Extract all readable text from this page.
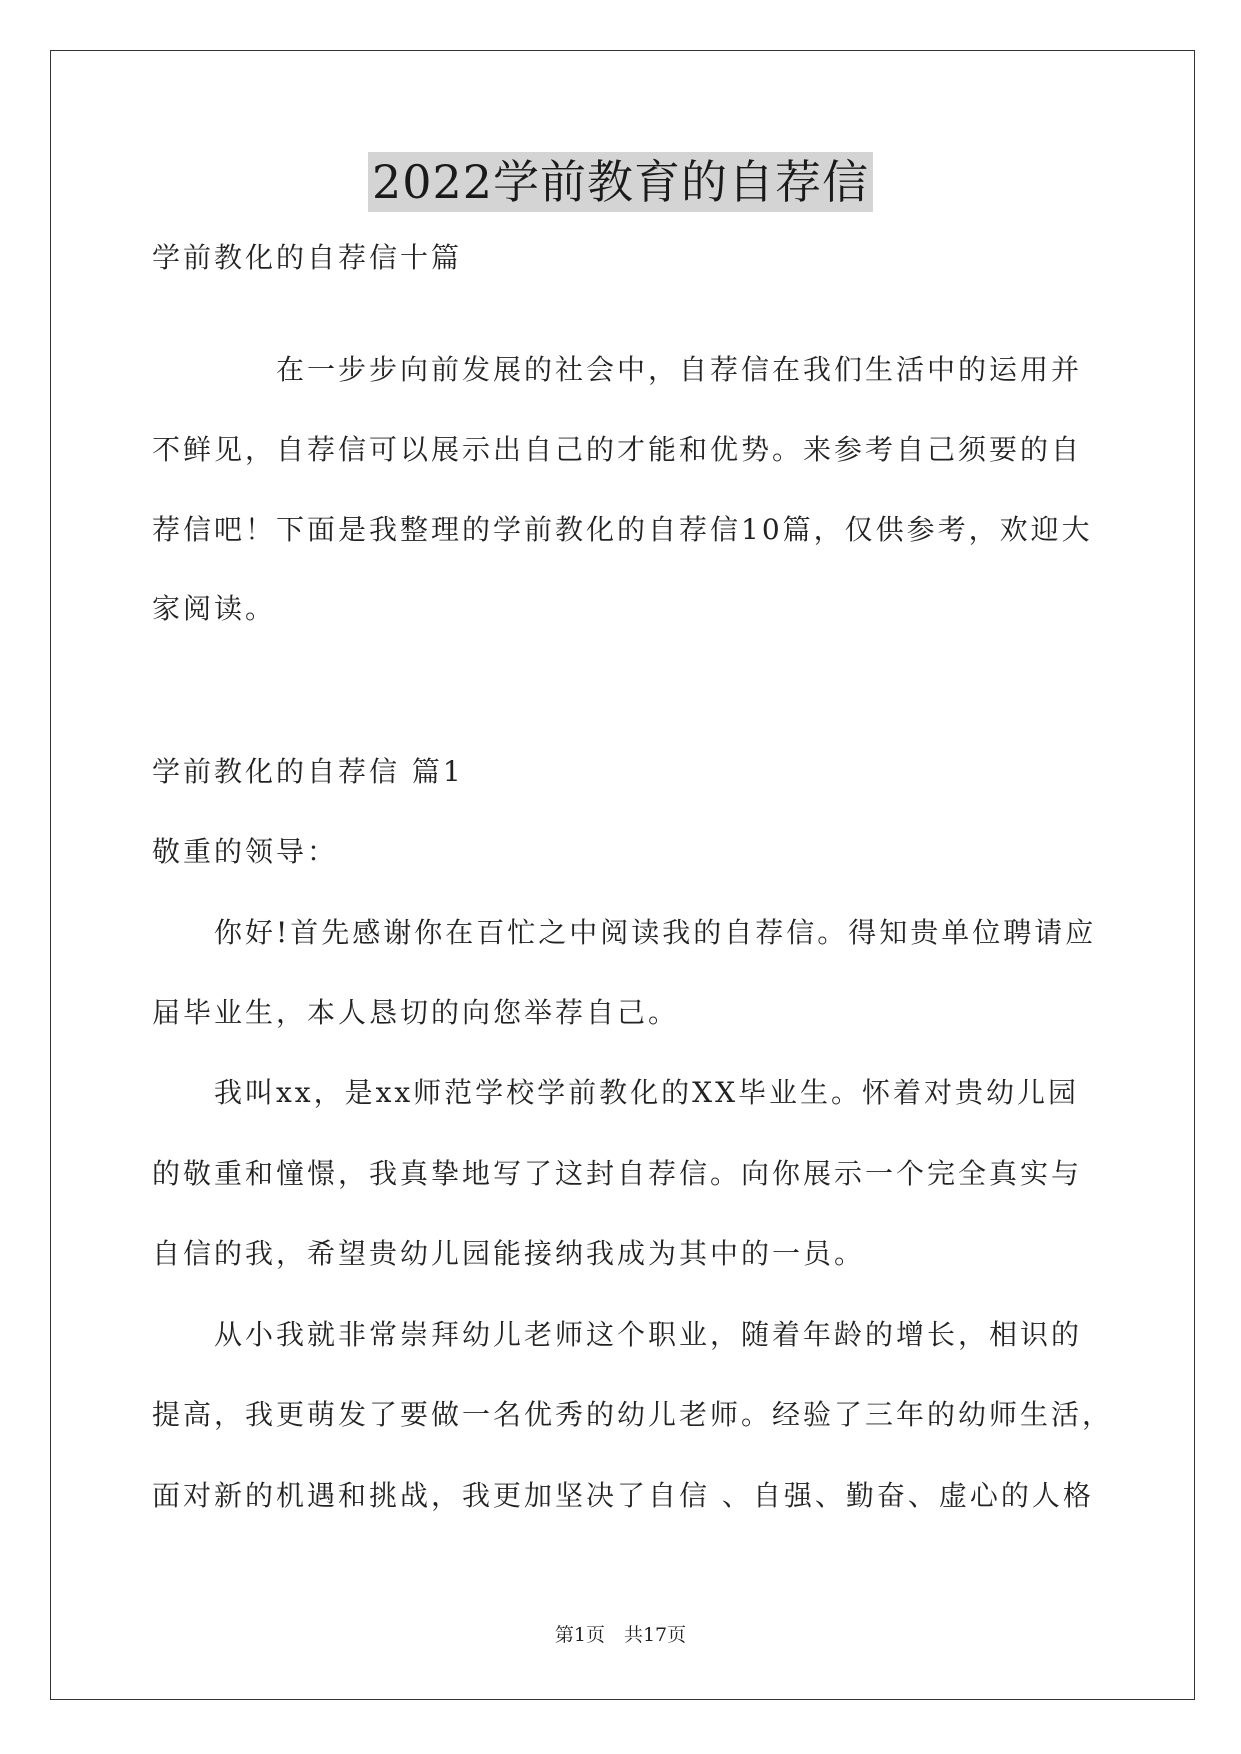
2022学前教育的自荐信
学前教化的自荐信十篇
　　　　在一步步向前发展的社会中，自荐信在我们生活中的运用并
不鲜见，自荐信可以展示出自己的才能和优势。来参考自己须要的自
荐信吧！下面是我整理的学前教化的自荐信10篇，仅供参考，欢迎大
家阅读。
学前教化的自荐信 篇1
敬重的领导：
　　你好!首先感谢你在百忙之中阅读我的自荐信。得知贵单位聘请应
届毕业生，本人恳切的向您举荐自己。
　　我叫xx，是xx师范学校学前教化的XX毕业生。怀着对贵幼儿园
的敬重和憧憬，我真挚地写了这封自荐信。向你展示一个完全真实与
自信的我，希望贵幼儿园能接纳我成为其中的一员。
　　从小我就非常崇拜幼儿老师这个职业，随着年龄的增长，相识的
提高，我更萌发了要做一名优秀的幼儿老师。经验了三年的幼师生活，
面对新的机遇和挑战，我更加坚决了自信 、自强、勤奋、虚心的人格
第1页　共17页
